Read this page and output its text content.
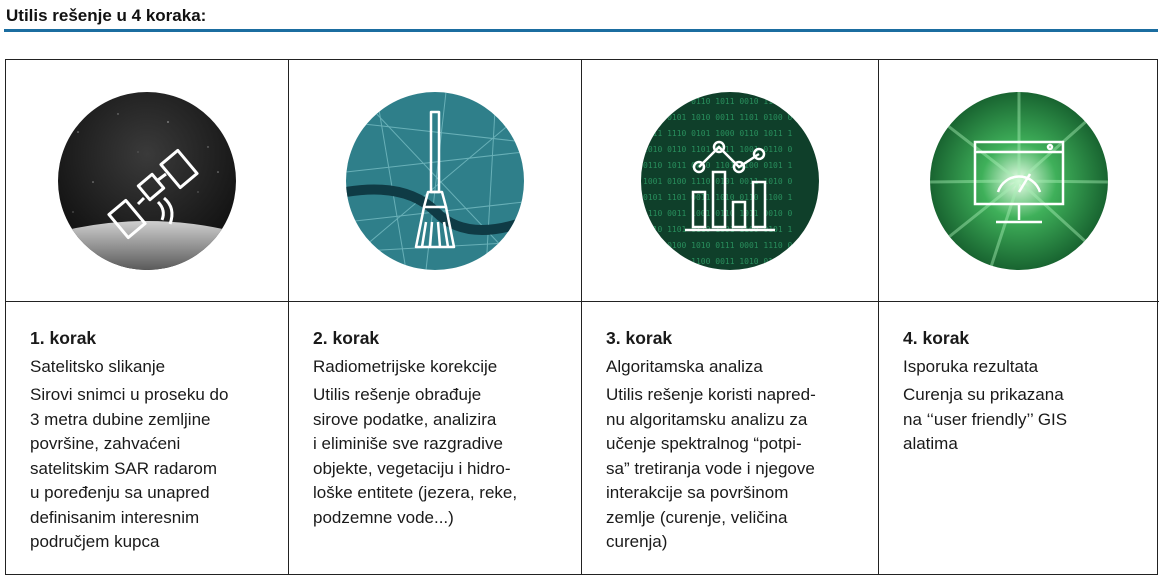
Utilis rešenje u 4 koraka:
0101 1100 0110 1011 0010 1101 1
1100 0101 1010 0011 1101 0100 0
0011 1110 0101 1000 0110 1011 1
1010 0110 1101 0011 1001 0110 0
0110 1011 0010 1101 1100 0101 1
1001 0100 1110 0101 0011 1010 0
0101 1101 0011 1010 0110 1100 1
1110 0011 1001 0110 1011 0010 0
0010 1101 0110 1001 1100 0101 1
1011 0100 1010 0111 0001 1110 0
0110 1001 1100 0011 1010 0101 1
1. korak
Satelitsko slikanje
Sirovi snimci u proseku do
3 metra dubine zemljine
površine, zahvaćeni
satelitskim SAR radarom
u poređenju sa unapred
definisanim interesnim
područjem kupca
2. korak
Radiometrijske korekcije
Utilis rešenje obrađuje
sirove podatke, analizira
i eliminiše sve razgradive
objekte, vegetaciju i hidro-
loške entitete (jezera, reke,
podzemne vode...)
3. korak
Algoritamska analiza
Utilis rešenje koristi napred-
nu algoritamsku analizu za
učenje spektralnog “potpi-
sa” tretiranja vode i njegove
interakcije sa površinom
zemlje (curenje, veličina
curenja)
4. korak
Isporuka rezultata
Curenja su prikazana
na ‘‘user friendly’’ GIS
alatima
